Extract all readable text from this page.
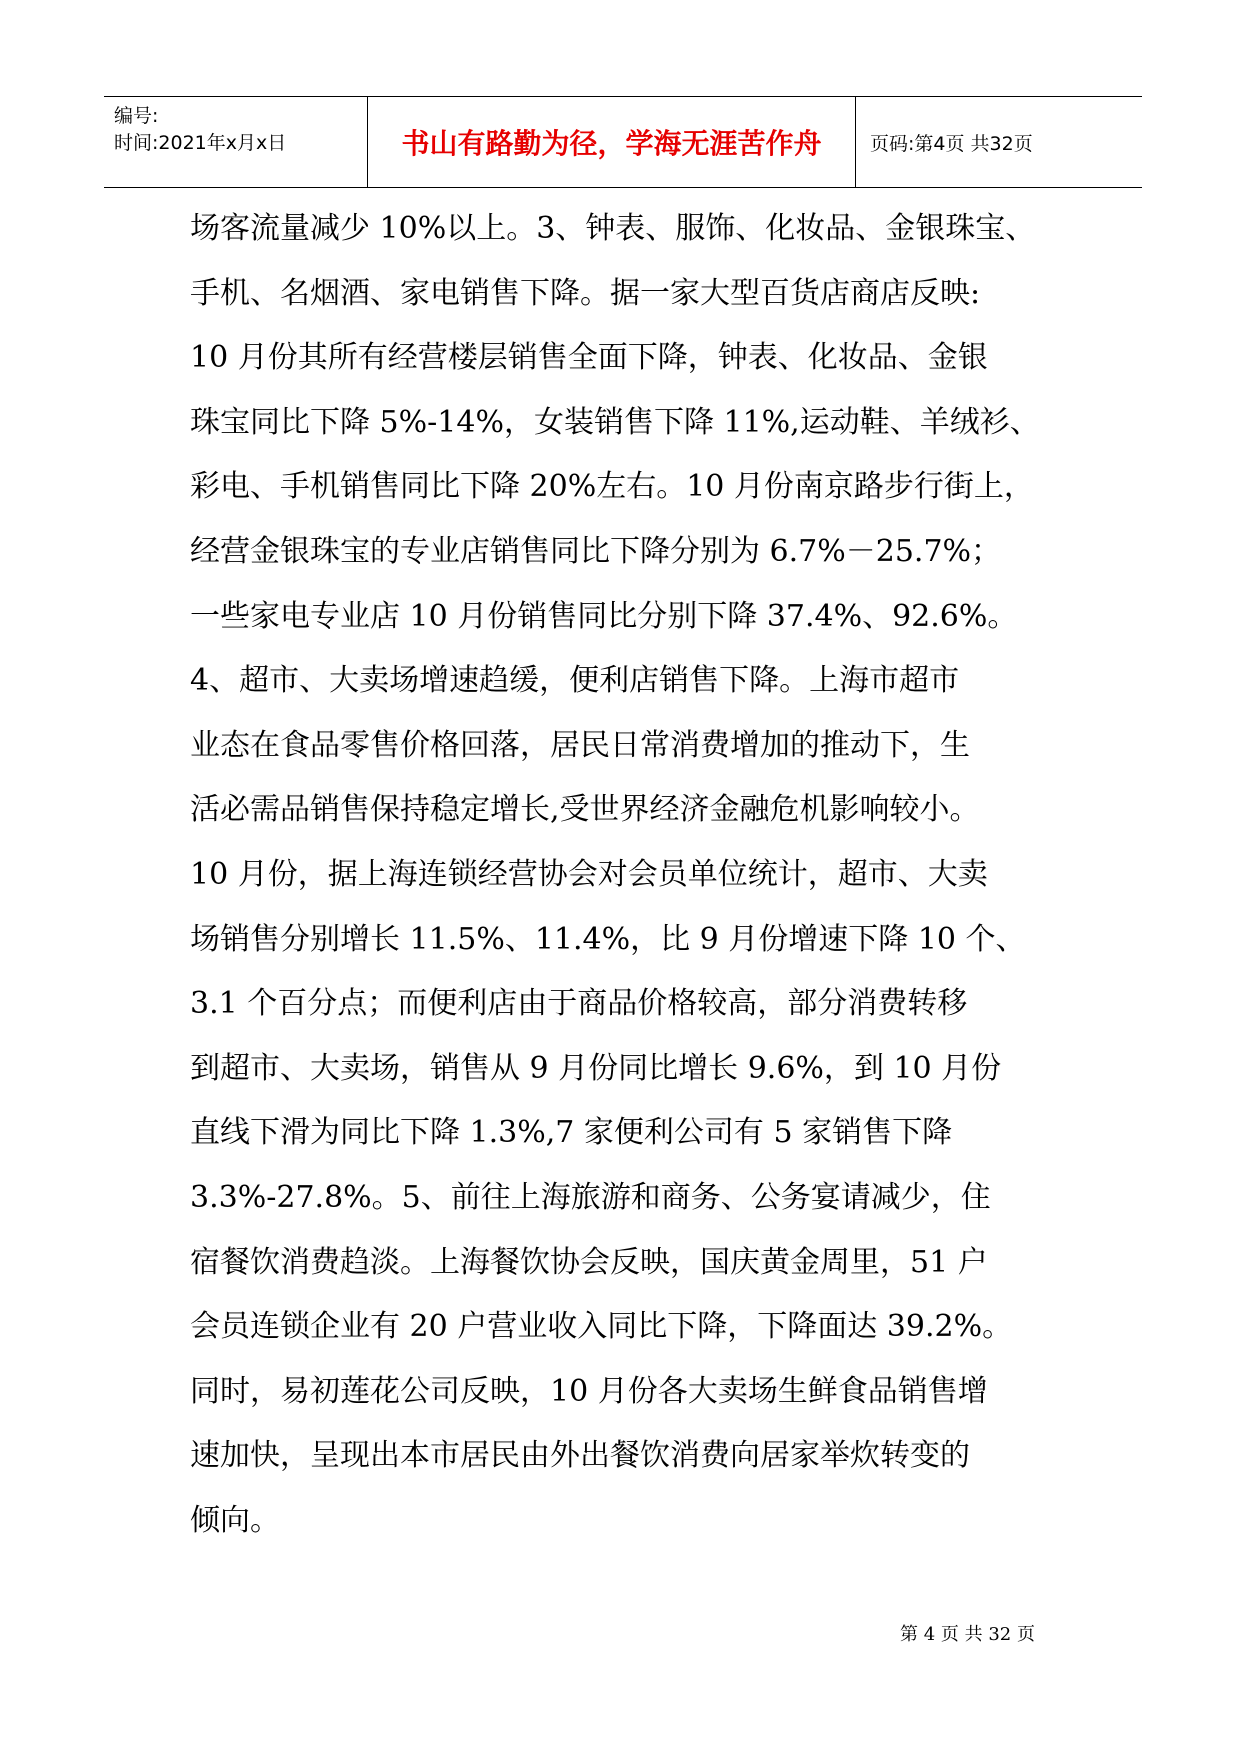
编号:
时间:2021年x月x日	书山有路勤为径，学海无涯苦作舟	页码:第4页 共32页
场客流量减少 10%以上。3、钟表、服饰、化妆品、金银珠宝、
手机、名烟酒、家电销售下降。据一家大型百货店商店反映:
10 月份其所有经营楼层销售全面下降，钟表、化妆品、金银
珠宝同比下降 5%-14%，女装销售下降 11%,运动鞋、羊绒衫、
彩电、手机销售同比下降 20%左右。10 月份南京路步行街上，
经营金银珠宝的专业店销售同比下降分别为 6.7%－25.7%；
一些家电专业店 10 月份销售同比分别下降 37.4%、92.6%。
4、超市、大卖场增速趋缓，便利店销售下降。上海市超市
业态在食品零售价格回落，居民日常消费增加的推动下，生
活必需品销售保持稳定增长,受世界经济金融危机影响较小。
10 月份，据上海连锁经营协会对会员单位统计，超市、大卖
场销售分别增长 11.5%、11.4%，比 9 月份增速下降 10 个、
3.1 个百分点；而便利店由于商品价格较高，部分消费转移
到超市、大卖场，销售从 9 月份同比增长 9.6%，到 10 月份
直线下滑为同比下降 1.3%,7 家便利公司有 5 家销售下降
3.3%-27.8%。5、前往上海旅游和商务、公务宴请减少，住
宿餐饮消费趋淡。上海餐饮协会反映，国庆黄金周里，51 户
会员连锁企业有 20 户营业收入同比下降，下降面达 39.2%。
同时，易初莲花公司反映，10 月份各大卖场生鲜食品销售增
速加快，呈现出本市居民由外出餐饮消费向居家举炊转变的
倾向。
第 4 页 共 32 页
